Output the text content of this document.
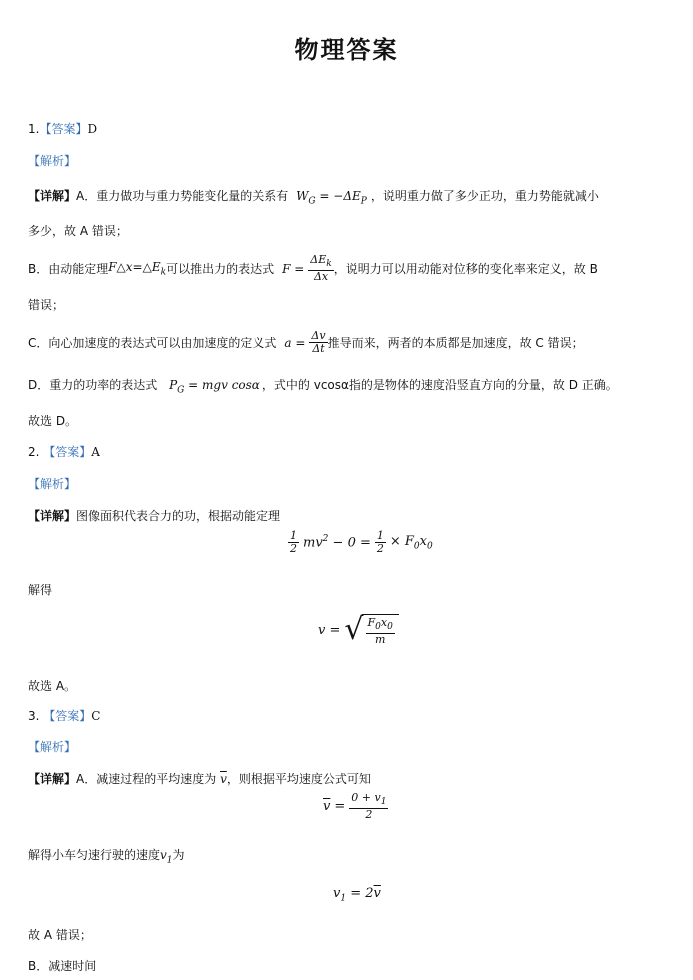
物理答案
1.【答案】D
【解析】
【详解】A．重力做功与重力势能变化量的关系有 $W_G = -\Delta E_P$ ，说明重力做了多少正功，重力势能就减小
多少，故 A 错误；
B．由动能定理 $F\triangle x=\triangle E_k$ 可以推出力的表达式 $F = \frac{\Delta E_k}{\Delta x}$ ，说明力可以用动能对位移的变化率来定义，故 B
错误；
C．向心加速度的表达式可以由加速度的定义式 $a = \frac{\Delta v}{\Delta t}$ 推导而来，两者的本质都是加速度，故 C 错误；
D．重力的功率的表达式 $P_G$ = mgv cosα ，式中的 vcosα指的是物体的速度沿竖直方向的分量，故 D 正确。
故选 D。
2. 【答案】A
【解析】
【详解】图像面积代表合力的功，根据动能定理
$\frac{1}{2} mv^2 - 0 = \frac{1}{2} \times F_0x_0$
解得
v = √ $\frac{F_0x_0}{m}$
故选 A。
3. 【答案】C
【解析】
【详解】A．减速过程的平均速度为 $\overline{v}$，则根据平均速度公式可知
$\overline{v} = \frac{0 + v_1}{2}$
解得小车匀速行驶的速度$v_1$为
$v_1 = 2\overline{v}$
故 A 错误；
B．减速时间
